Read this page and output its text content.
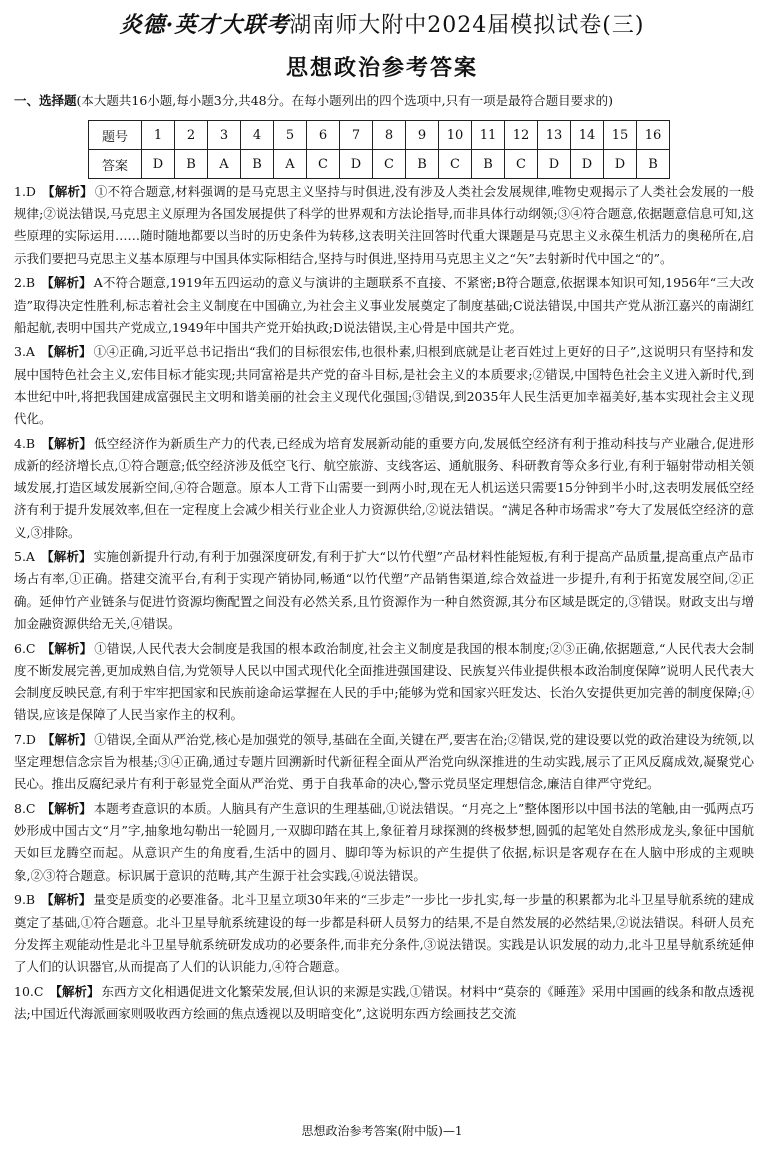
炎德·英才大联考湖南师大附中2024届模拟试卷(三)
思想政治参考答案
一、选择题(本大题共16小题,每小题3分,共48分。在每小题列出的四个选项中,只有一项是最符合题目要求的)
题号	1	2	3	4	5	6	7	8	9	10	11	12	13	14	15	16
答案	D	B	A	B	A	C	D	C	B	C	B	C	D	D	D	B
1.D 【解析】 ①不符合题意,材料强调的是马克思主义坚持与时俱进,没有涉及人类社会发展规律,唯物史观揭示了人类社会发展的一般规律;②说法错误,马克思主义原理为各国发展提供了科学的世界观和方法论指导,而非具体行动纲领;③④符合题意,依据题意信息可知,这些原理的实际运用……随时随地都要以当时的历史条件为转移,这表明关注回答时代重大课题是马克思主义永葆生机活力的奥秘所在,启示我们要把马克思主义基本原理与中国具体实际相结合,坚持与时俱进,坚持用马克思主义之“矢”去射新时代中国之“的”。
2.B 【解析】 A不符合题意,1919年五四运动的意义与演讲的主题联系不直接、不紧密;B符合题意,依据课本知识可知,1956年“三大改造”取得决定性胜利,标志着社会主义制度在中国确立,为社会主义事业发展奠定了制度基础;C说法错误,中国共产党从浙江嘉兴的南湖红船起航,表明中国共产党成立,1949年中国共产党开始执政;D说法错误,主心骨是中国共产党。
3.A 【解析】 ①④正确,习近平总书记指出“我们的目标很宏伟,也很朴素,归根到底就是让老百姓过上更好的日子”,这说明只有坚持和发展中国特色社会主义,宏伟目标才能实现;共同富裕是共产党的奋斗目标,是社会主义的本质要求;②错误,中国特色社会主义进入新时代,到本世纪中叶,将把我国建成富强民主文明和谐美丽的社会主义现代化强国;③错误,到2035年人民生活更加幸福美好,基本实现社会主义现代化。
4.B 【解析】 低空经济作为新质生产力的代表,已经成为培育发展新动能的重要方向,发展低空经济有利于推动科技与产业融合,促进形成新的经济增长点,①符合题意;低空经济涉及低空飞行、航空旅游、支线客运、通航服务、科研教育等众多行业,有利于辐射带动相关领域发展,打造区域发展新空间,④符合题意。原本人工背下山需要一到两小时,现在无人机运送只需要15分钟到半小时,这表明发展低空经济有利于提升发展效率,但在一定程度上会减少相关行业企业人力资源供给,②说法错误。“满足各种市场需求”夸大了发展低空经济的意义,③排除。
5.A 【解析】 实施创新提升行动,有利于加强深度研发,有利于扩大“以竹代塑”产品材料性能短板,有利于提高产品质量,提高重点产品市场占有率,①正确。搭建交流平台,有利于实现产销协同,畅通“以竹代塑”产品销售渠道,综合效益进一步提升,有利于拓宽发展空间,②正确。延伸竹产业链条与促进竹资源均衡配置之间没有必然关系,且竹资源作为一种自然资源,其分布区域是既定的,③错误。财政支出与增加金融资源供给无关,④错误。
6.C 【解析】 ①错误,人民代表大会制度是我国的根本政治制度,社会主义制度是我国的根本制度;②③正确,依据题意,“人民代表大会制度不断发展完善,更加成熟自信,为党领导人民以中国式现代化全面推进强国建设、民族复兴伟业提供根本政治制度保障”说明人民代表大会制度反映民意,有利于牢牢把国家和民族前途命运掌握在人民的手中;能够为党和国家兴旺发达、长治久安提供更加完善的制度保障;④错误,应该是保障了人民当家作主的权利。
7.D 【解析】 ①错误,全面从严治党,核心是加强党的领导,基础在全面,关键在严,要害在治;②错误,党的建设要以党的政治建设为统领,以坚定理想信念宗旨为根基;③④正确,通过专题片回溯新时代新征程全面从严治党向纵深推进的生动实践,展示了正风反腐成效,凝聚党心民心。推出反腐纪录片有利于彰显党全面从严治党、勇于自我革命的决心,警示党员坚定理想信念,廉洁自律严守党纪。
8.C 【解析】 本题考查意识的本质。人脑具有产生意识的生理基础,①说法错误。“月亮之上”整体图形以中国书法的笔触,由一弧两点巧妙形成中国古文“月”字,抽象地勾勒出一轮圆月,一双脚印踏在其上,象征着月球探测的终极梦想,圆弧的起笔处自然形成龙头,象征中国航天如巨龙腾空而起。从意识产生的角度看,生活中的圆月、脚印等为标识的产生提供了依据,标识是客观存在在人脑中形成的主观映象,②③符合题意。标识属于意识的范畴,其产生源于社会实践,④说法错误。
9.B 【解析】 量变是质变的必要准备。北斗卫星立项30年来的“三步走”一步比一步扎实,每一步量的积累都为北斗卫星导航系统的建成奠定了基础,①符合题意。北斗卫星导航系统建设的每一步都是科研人员努力的结果,不是自然发展的必然结果,②说法错误。科研人员充分发挥主观能动性是北斗卫星导航系统研发成功的必要条件,而非充分条件,③说法错误。实践是认识发展的动力,北斗卫星导航系统延伸了人们的认识器官,从而提高了人们的认识能力,④符合题意。
10.C 【解析】 东西方文化相遇促进文化繁荣发展,但认识的来源是实践,①错误。材料中“莫奈的《睡莲》采用中国画的线条和散点透视法;中国近代海派画家则吸收西方绘画的焦点透视以及明暗变化”,这说明东西方绘画技艺交流
思想政治参考答案(附中版)—1
